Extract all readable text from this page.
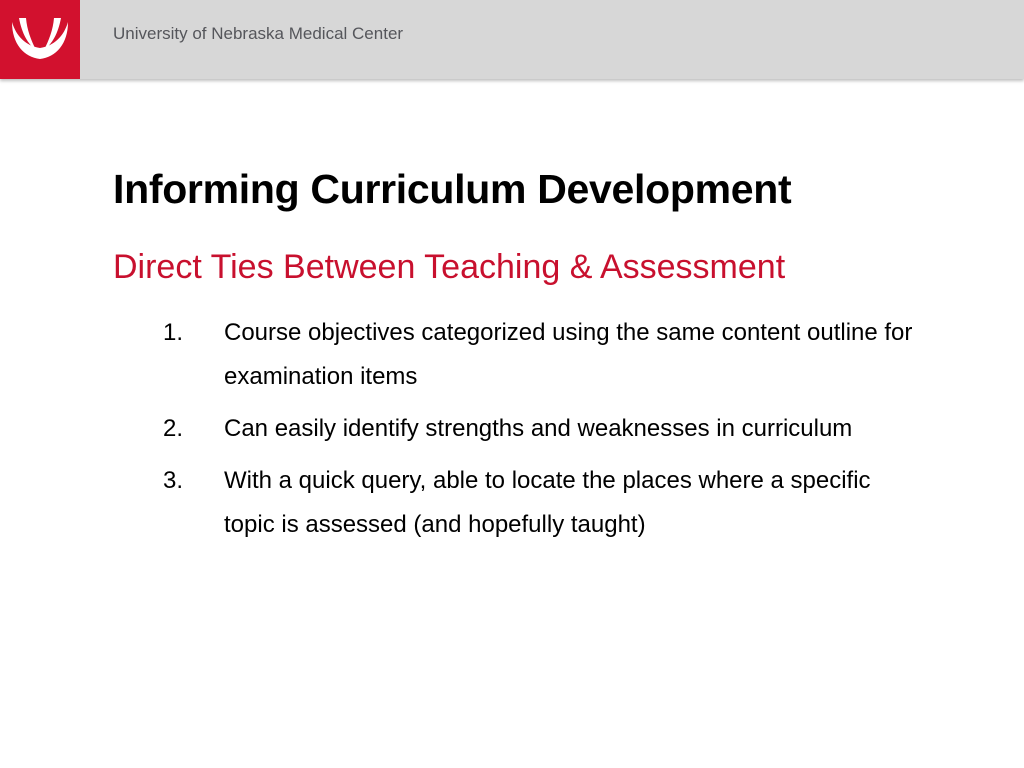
University of Nebraska Medical Center
Informing Curriculum Development
Direct Ties Between Teaching & Assessment
1. Course objectives categorized using the same content outline for examination items
2. Can easily identify strengths and weaknesses in curriculum
3. With a quick query, able to locate the places where a specific topic is assessed (and hopefully taught)
